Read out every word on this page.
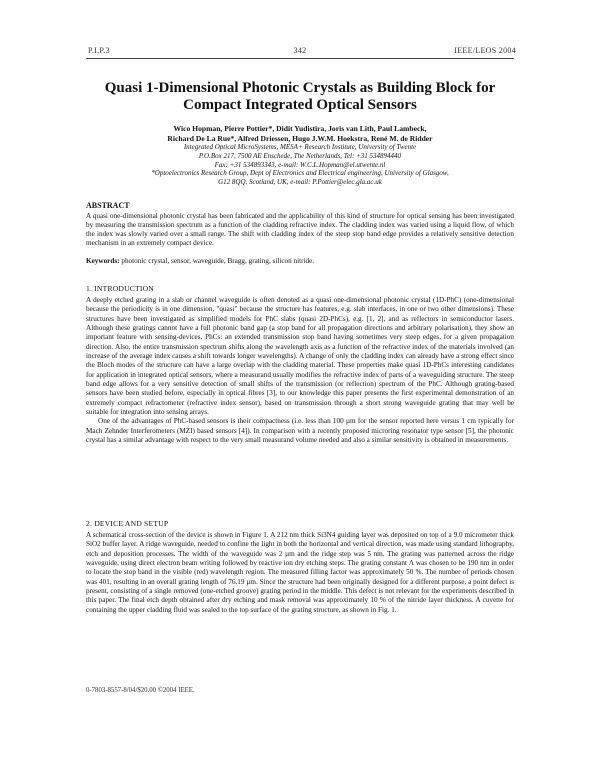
P.I.P.3	342	IEEE/LEOS 2004
Quasi 1-Dimensional Photonic Crystals as Building Block for
Compact Integrated Optical Sensors
Wico Hopman, Pierre Pottier*, Didit Yudistira, Joris van Lith, Paul Lambeck,
Richard De La Rue*, Alfred Driessen, Hugo J.W.M. Hoekstra, René M. de Ridder
Integrated Optical MicroSystems, MESA+ Research Institute, University of Twente
P.O.Box 217, 7500 AE Enschede, The Netherlands, Tel: +31 534894440
Fax: +31 534893343, e-mail: W.C.L.Hopman@el.utwente.nl
*Optoelectronics Research Group, Dept of Electronics and Electrical engineering, University of Glasgow,
G12 8QQ, Scotland, UK, e-mail: P.Pottier@elec.gla.ac.uk
ABSTRACT
A quasi one-dimensional photonic crystal has been fabricated and the applicability of this kind of structure for optical sensing has been investigated by measuring the transmission spectrum as a function of the cladding refractive index. The cladding index was varied using a liquid flow, of which the index was slowly varied over a small range. The shift with cladding index of the steep stop band edge provides a relatively sensitive detection mechanism in an extremely compact device.
Keywords: photonic crystal, sensor, waveguide, Bragg, grating, silicon nitride.
1. INTRODUCTION

A deeply etched grating in a slab or channel waveguide is often denoted as a quasi one-dimensional photonic crystal (1D-PhC) (one-dimensional because the periodicity is in one dimension, "quasi" because the structure has features, e.g. slab interfaces, in one or two other dimensions). These structures have been investigated as simplified models for PhC slabs (quasi 2D-PhCs), e.g. [1, 2], and as reflectors in semiconductor lasers. Although these gratings cannot have a full photonic band gap (a stop band for all propagation directions and arbitrary polarisation), they show an important feature with sensing-devices, PhCs: an extended transmission stop band having sometimes very steep edges, for a given propagation direction. Also, the entire transmission spectrum shifts along the wavelength axis as a function of the refractive index of the materials involved (an increase of the average index causes a shift towards longer wavelengths). A change of only the cladding index can already have a strong effect since the Bloch modes of the structure can have a large overlap with the cladding material. These properties make quasi 1D-PhCs interesting candidates for application in integrated optical sensors, where a measurand usually modifies the refractive index of parts of a waveguiding structure. The steep band edge allows for a very sensitive detection of small shifts of the transmission (or reflection) spectrum of the PhC. Although grating-based sensors have been studied before, especially in optical fibres [3], to our knowledge this paper presents the first experimental demonstration of an extremely compact refractometer (refractive index sensor), based on transmission through a short strong waveguide grating that may well be suitable for integration into sensing arrays.

One of the advantages of PhC-based sensors is their compactness (i.e. less than 100 µm for the sensor reported here versus 1 cm typically for Mach Zehnder Interferometers (MZI) based sensors [4]). In comparison with a recently proposed microring resonator type sensor [5], the photonic crystal has a similar advantage with respect to the very small measurand volume needed and also a similar sensitivity is obtained in measurements.

2. DEVICE AND SETUP

A schematical cross-section of the device is shown in Figure 1. A 212 nm thick Si3N4 guiding layer was deposited on top of a 9.0 micrometer thick SiO2 buffer layer. A ridge waveguide, needed to confine the light in both the horizontal and vertical direction, was made using standard lithography, etch and deposition processes. The width of the waveguide was 2 µm and the ridge step was 5 nm. The grating was patterned across the ridge waveguide, using direct electron beam writing followed by reactive ion dry etching steps. The grating constant Λ was chosen to be 190 nm in order to locate the stop band in the visible (red) wavelength region. The measured filling factor was approximately 50 %. The number of periods chosen was 401, resulting in an overall grating length of 76.19 µm. Since the structure had been originally designed for a different purpose, a point defect is present, consisting of a single removed (one-etched groove) grating period in the middle. This defect is not relevant for the experiments described in this paper. The final etch depth obtained after dry etching and mask removal was approximately 10 % of the nitride layer thickness. A cuvette for containing the upper cladding fluid was sealed to the top surface of the grating structure, as shown in Fig. 1.

0-7803-8557-8/04/$20.00 ©2004 IEEE.
